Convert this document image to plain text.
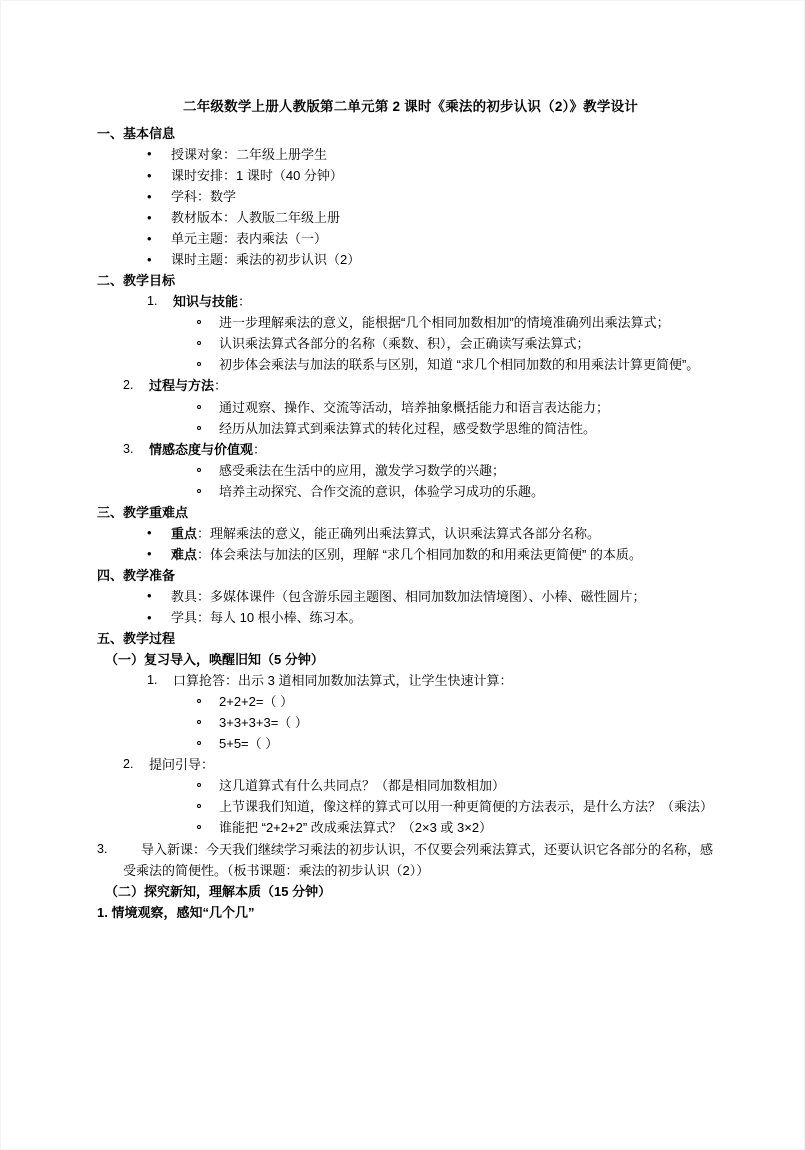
二年级数学上册人教版第二单元第 2 课时《乘法的初步认识（2）》教学设计
一、基本信息
• 授课对象：二年级上册学生
• 课时安排：1 课时（40 分钟）
• 学科：数学
• 教材版本：人教版二年级上册
• 单元主题：表内乘法（一）
• 课时主题：乘法的初步认识（2）
二、教学目标
1.	知识与技能：
进一步理解乘法的意义，能根据“几个相同加数相加”的情境准确列出乘法算式；
认识乘法算式各部分的名称（乘数、积），会正确读写乘法算式；
初步体会乘法与加法的联系与区别，知道 “求几个相同加数的和用乘法计算更简便”。
2.	过程与方法：
通过观察、操作、交流等活动，培养抽象概括能力和语言表达能力；
经历从加法算式到乘法算式的转化过程，感受数学思维的简洁性。
3.	情感态度与价值观：
感受乘法在生活中的应用，激发学习数学的兴趣；
培养主动探究、合作交流的意识，体验学习成功的乐趣。
三、教学重难点
• 重点：理解乘法的意义，能正确列出乘法算式，认识乘法算式各部分名称。
• 难点：体会乘法与加法的区别，理解 “求几个相同加数的和用乘法更简便” 的本质。
四、教学准备
• 教具：多媒体课件（包含游乐园主题图、相同加数加法情境图）、小棒、磁性圆片；
• 学具：每人 10 根小棒、练习本。
五、教学过程
（一）复习导入，唤醒旧知（5 分钟）
1.	口算抢答：出示 3 道相同加数加法算式，让学生快速计算：
2+2+2=（ ）
3+3+3+3=（ ）
5+5=（ ）
2.	提问引导：
这几道算式有什么共同点？（都是相同加数相加）
上节课我们知道，像这样的算式可以用一种更简便的方法表示，是什么方法？（乘法）
谁能把 “2+2+2” 改成乘法算式？（2×3 或 3×2）
3.	导入新课：今天我们继续学习乘法的初步认识，不仅要会列乘法算式，还要认识它各部分的名称，感受乘法的简便性。（板书课题：乘法的初步认识（2））
（二）探究新知，理解本质（15 分钟）
1. 情境观察，感知“几个几”
